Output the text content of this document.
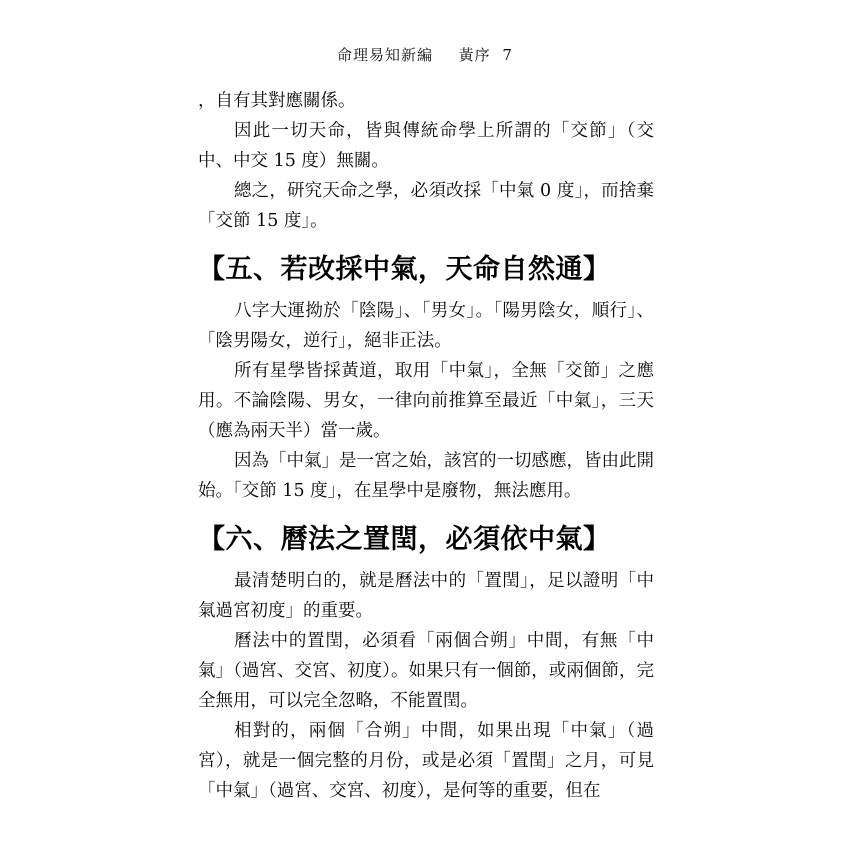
命理易知新編 黃序 7

，自有其對應關係。

因此一切天命，皆與傳統命學上所謂的「交節」（交中、中交 15 度）無關。

總之，研究天命之學，必須改採「中氣 0 度」，而捨棄「交節 15 度」。

【五、若改採中氣，天命自然通】

八字大運拗於「陰陽」、「男女」。「陽男陰女，順行」、「陰男陽女，逆行」，絕非正法。

所有星學皆採黃道，取用「中氣」，全無「交節」之應用。不論陰陽、男女，一律向前推算至最近「中氣」，三天（應為兩天半）當一歲。

因為「中氣」是一宮之始，該宮的一切感應，皆由此開始。「交節 15 度」，在星學中是廢物，無法應用。

【六、曆法之置閏，必須依中氣】

最清楚明白的，就是曆法中的「置閏」，足以證明「中氣過宮初度」的重要。

曆法中的置閏，必須看「兩個合朔」中間，有無「中氣」（過宮、交宮、初度）。如果只有一個節，或兩個節，完全無用，可以完全忽略，不能置閏。

相對的，兩個「合朔」中間，如果出現「中氣」（過宮），就是一個完整的月份，或是必須「置閏」之月，可見「中氣」（過宮、交宮、初度），是何等的重要，但在
